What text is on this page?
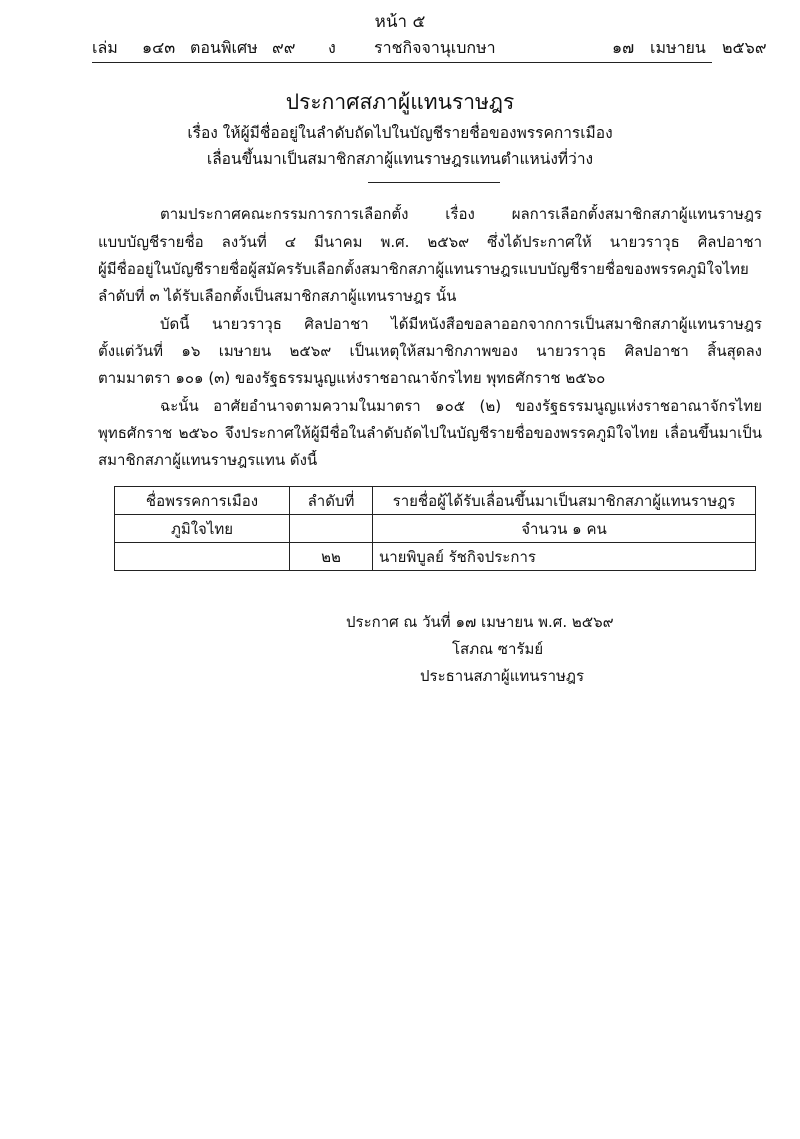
หน้า ๕
เล่ม ๑๔๓ ตอนพิเศษ ๙๙ ง ราชกิจจานุเบกษา	๑๗ เมษายน ๒๕๖๙
ประกาศสภาผู้แทนราษฎร
เรื่อง ให้ผู้มีชื่ออยู่ในลำดับถัดไปในบัญชีรายชื่อของพรรคการเมือง
เลื่อนขึ้นมาเป็นสมาชิกสภาผู้แทนราษฎรแทนตำแหน่งที่ว่าง
ตามประกาศคณะกรรมการการเลือกตั้ง เรื่อง ผลการเลือกตั้งสมาชิกสภาผู้แทนราษฎร
แบบบัญชีรายชื่อ ลงวันที่ ๔ มีนาคม พ.ศ. ๒๕๖๙ ซึ่งได้ประกาศให้ นายวราวุธ ศิลปอาชา
ผู้มีชื่ออยู่ในบัญชีรายชื่อผู้สมัครรับเลือกตั้งสมาชิกสภาผู้แทนราษฎรแบบบัญชีรายชื่อของพรรคภูมิใจไทย
ลำดับที่ ๓ ได้รับเลือกตั้งเป็นสมาชิกสภาผู้แทนราษฎร นั้น
บัดนี้ นายวราวุธ ศิลปอาชา ได้มีหนังสือขอลาออกจากการเป็นสมาชิกสภาผู้แทนราษฎร
ตั้งแต่วันที่ ๑๖ เมษายน ๒๕๖๙ เป็นเหตุให้สมาชิกภาพของ นายวราวุธ ศิลปอาชา สิ้นสุดลง
ตามมาตรา ๑๐๑ (๓) ของรัฐธรรมนูญแห่งราชอาณาจักรไทย พุทธศักราช ๒๕๖๐
ฉะนั้น อาศัยอำนาจตามความในมาตรา ๑๐๕ (๒) ของรัฐธรรมนูญแห่งราชอาณาจักรไทย
พุทธศักราช ๒๕๖๐ จึงประกาศให้ผู้มีชื่อในลำดับถัดไปในบัญชีรายชื่อของพรรคภูมิใจไทย เลื่อนขึ้นมาเป็น
สมาชิกสภาผู้แทนราษฎรแทน ดังนี้
ชื่อพรรคการเมือง	ลำดับที่	รายชื่อผู้ได้รับเลื่อนขึ้นมาเป็นสมาชิกสภาผู้แทนราษฎร
ภูมิใจไทย		จำนวน ๑ คน
	๒๒	นายพิบูลย์ รัชกิจประการ
ประกาศ ณ วันที่ ๑๗ เมษายน พ.ศ. ๒๕๖๙
โสภณ ซารัมย์
ประธานสภาผู้แทนราษฎร
